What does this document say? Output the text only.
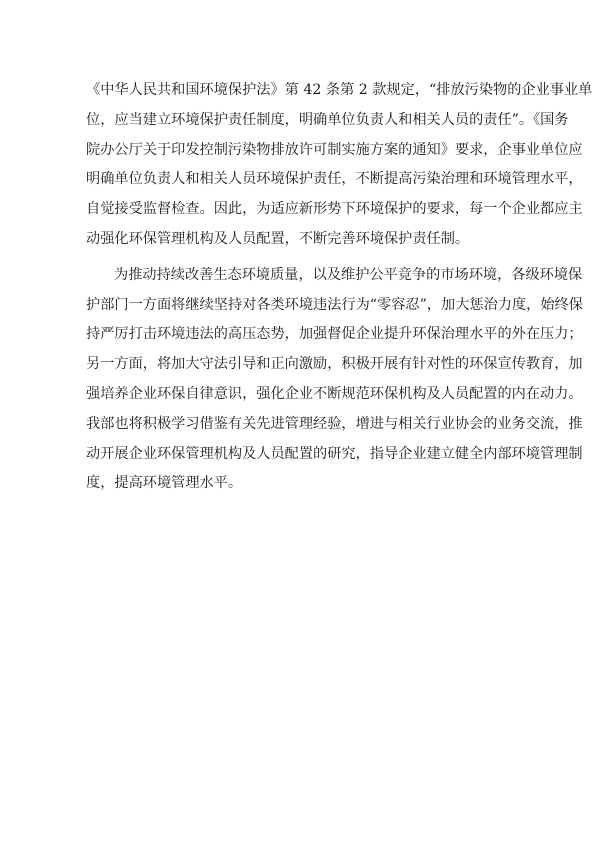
《中华人民共和国环境保护法》第 42 条第 2 款规定，“排放污染物的企业事业单
位，应当建立环境保护责任制度，明确单位负责人和相关人员的责任”。《国务
院办公厅关于印发控制污染物排放许可制实施方案的通知》要求，企事业单位应
明确单位负责人和相关人员环境保护责任，不断提高污染治理和环境管理水平，
自觉接受监督检查。因此，为适应新形势下环境保护的要求，每一个企业都应主
动强化环保管理机构及人员配置，不断完善环境保护责任制。
为推动持续改善生态环境质量，以及维护公平竞争的市场环境，各级环境保
护部门一方面将继续坚持对各类环境违法行为“零容忍”，加大惩治力度，始终保
持严厉打击环境违法的高压态势，加强督促企业提升环保治理水平的外在压力；
另一方面，将加大守法引导和正向激励，积极开展有针对性的环保宣传教育，加
强培养企业环保自律意识，强化企业不断规范环保机构及人员配置的内在动力。
我部也将积极学习借鉴有关先进管理经验，增进与相关行业协会的业务交流，推
动开展企业环保管理机构及人员配置的研究，指导企业建立健全内部环境管理制
度，提高环境管理水平。
